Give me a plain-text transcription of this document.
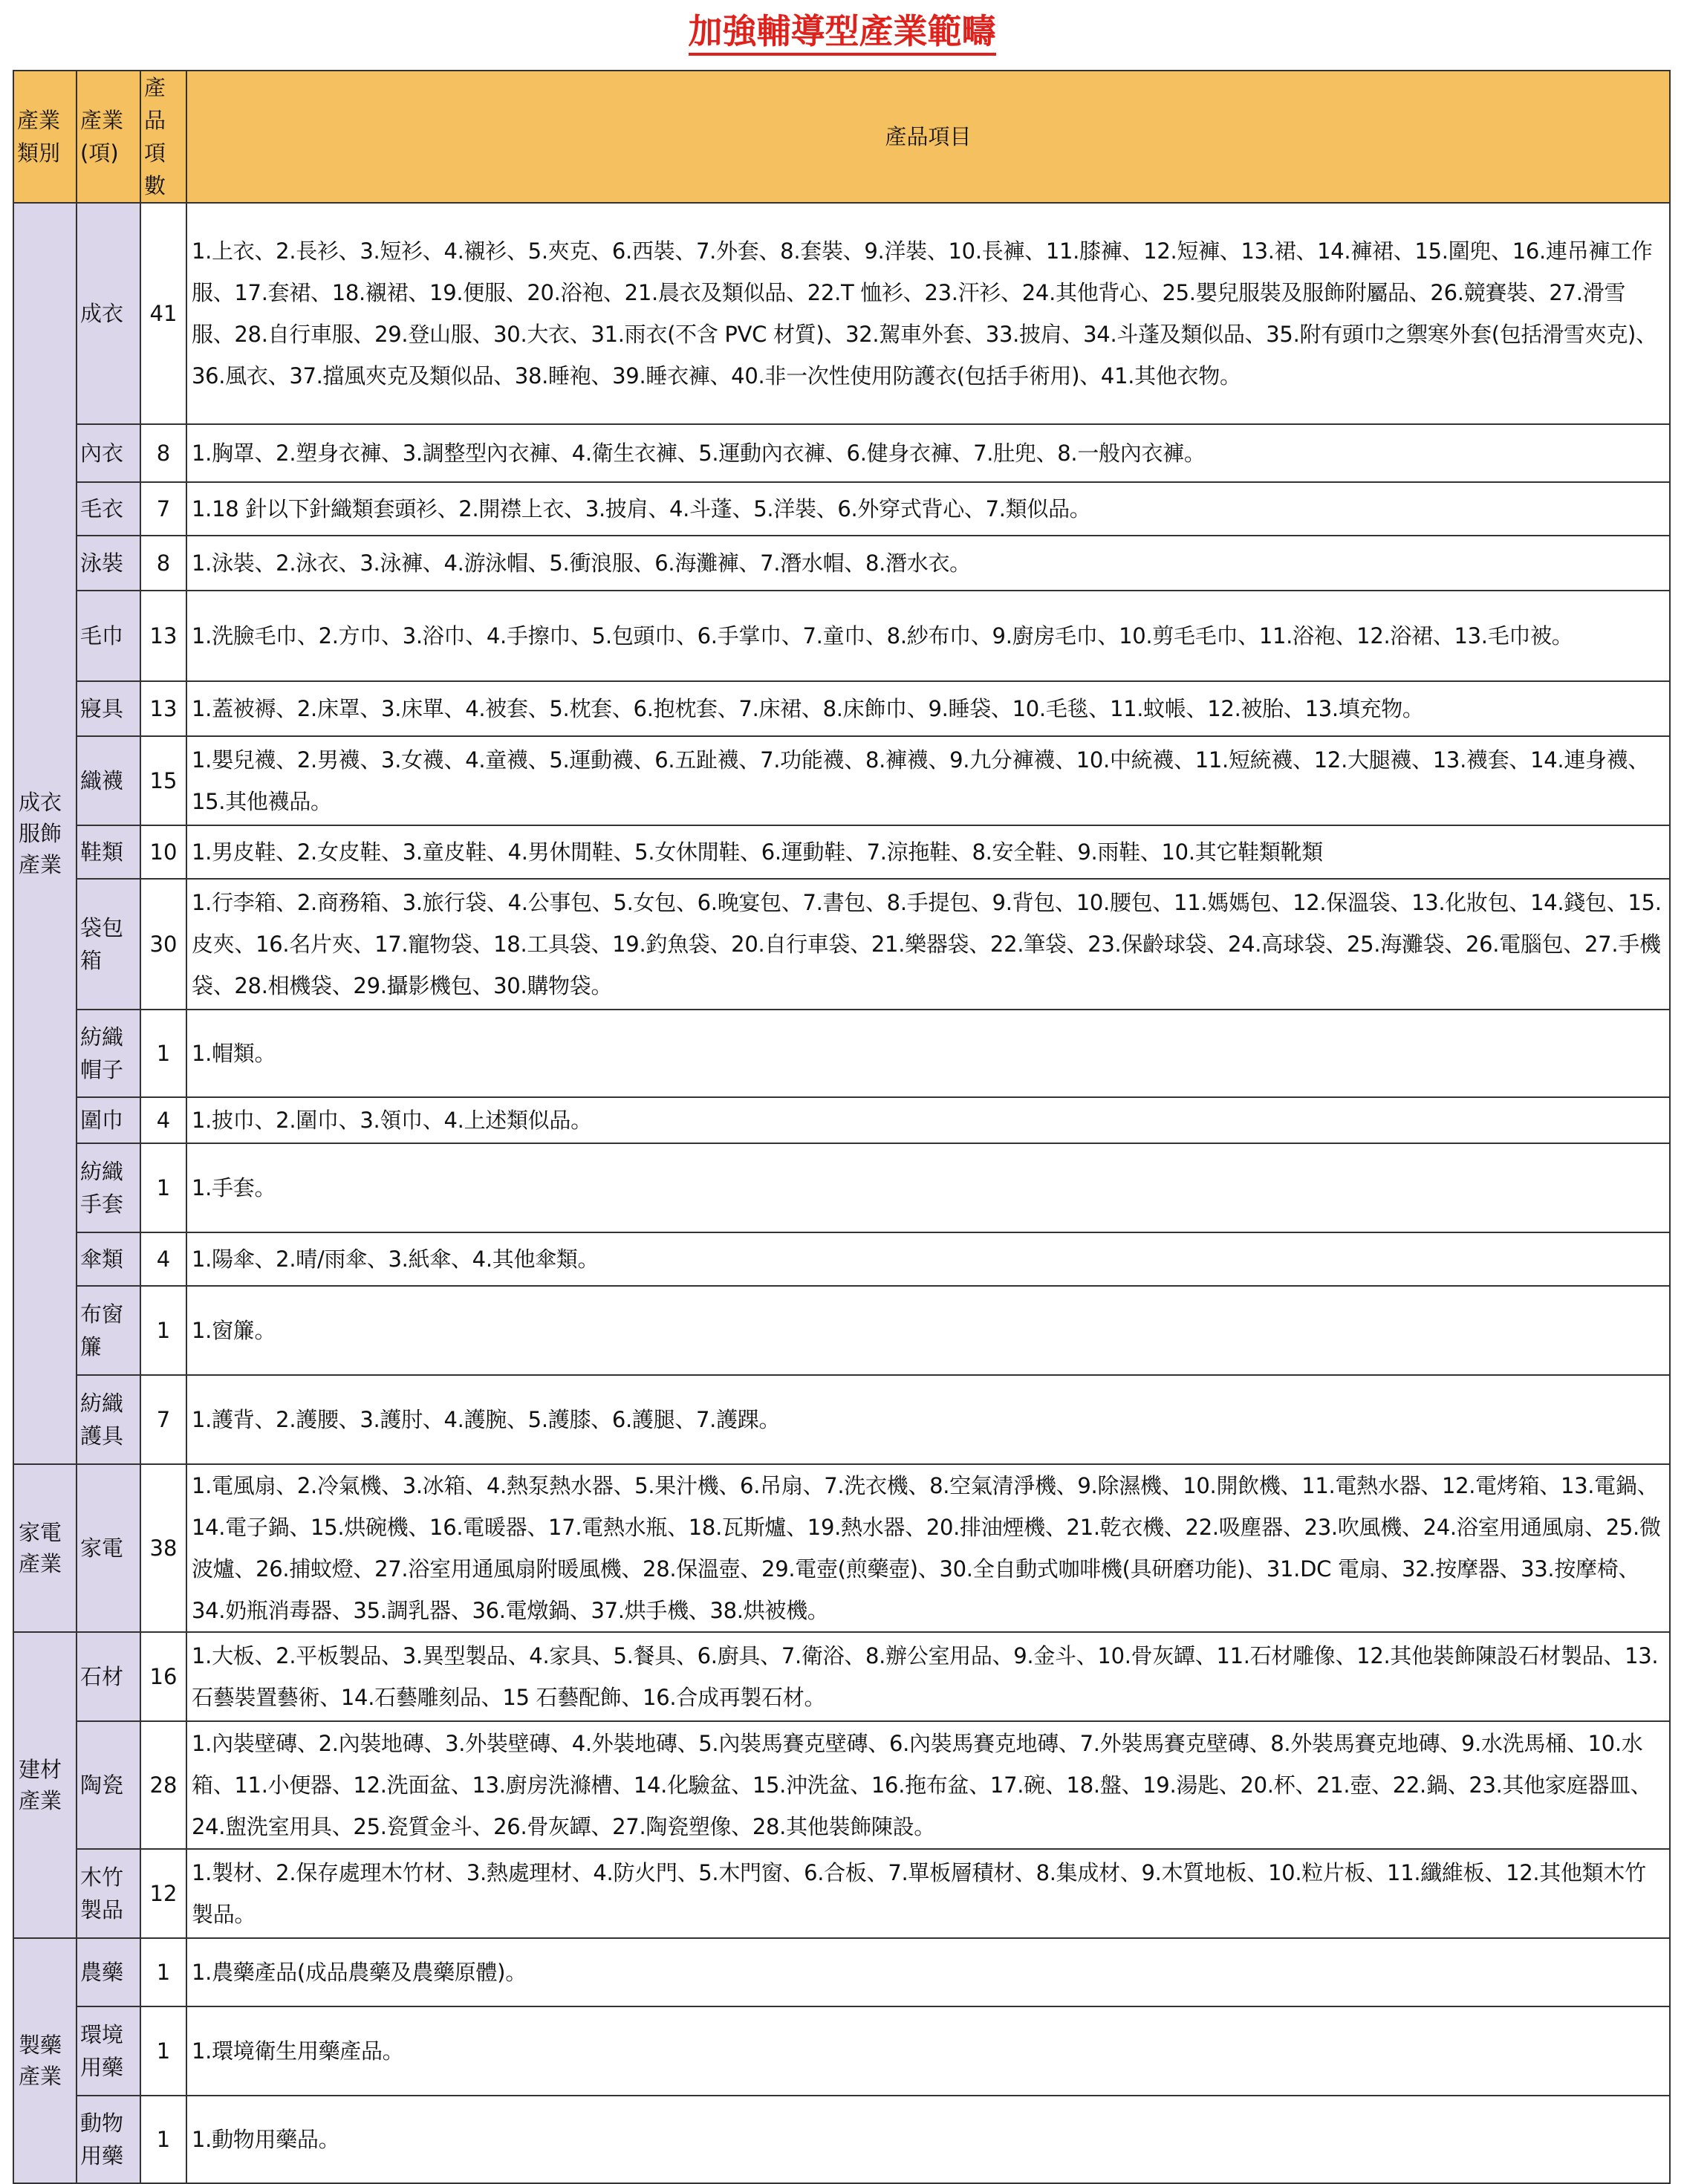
加強輔導型產業範疇
產業類別	產業(項)	產品項數	產品項目
成衣服飾產業	成衣	41	1.上衣、2.長衫、3.短衫、4.襯衫、5.夾克、6.西裝、7.外套、8.套裝、9.洋裝、10.長褲、11.膝褲、12.短褲、13.裙、14.褲裙、15.圍兜、16.連吊褲工作服、17.套裙、18.襯裙、19.便服、20.浴袍、21.晨衣及類似品、22.T 恤衫、23.汗衫、24.其他背心、25.嬰兒服裝及服飾附屬品、26.競賽裝、27.滑雪服、28.自行車服、29.登山服、30.大衣、31.雨衣(不含 PVC 材質)、32.駕車外套、33.披肩、34.斗蓬及類似品、35.附有頭巾之禦寒外套(包括滑雪夾克)、36.風衣、37.擋風夾克及類似品、38.睡袍、39.睡衣褲、40.非一次性使用防護衣(包括手術用)、41.其他衣物。
	內衣	8	1.胸罩、2.塑身衣褲、3.調整型內衣褲、4.衛生衣褲、5.運動內衣褲、6.健身衣褲、7.肚兜、8.一般內衣褲。
	毛衣	7	1.18 針以下針織類套頭衫、2.開襟上衣、3.披肩、4.斗蓬、5.洋裝、6.外穿式背心、7.類似品。
	泳裝	8	1.泳裝、2.泳衣、3.泳褲、4.游泳帽、5.衝浪服、6.海灘褲、7.潛水帽、8.潛水衣。
	毛巾	13	1.洗臉毛巾、2.方巾、3.浴巾、4.手擦巾、5.包頭巾、6.手掌巾、7.童巾、8.紗布巾、9.廚房毛巾、10.剪毛毛巾、11.浴袍、12.浴裙、13.毛巾被。
	寢具	13	1.蓋被褥、2.床罩、3.床單、4.被套、5.枕套、6.抱枕套、7.床裙、8.床飾巾、9.睡袋、10.毛毯、11.蚊帳、12.被胎、13.填充物。
	織襪	15	1.嬰兒襪、2.男襪、3.女襪、4.童襪、5.運動襪、6.五趾襪、7.功能襪、8.褲襪、9.九分褲襪、10.中統襪、11.短統襪、12.大腿襪、13.襪套、14.連身襪、15.其他襪品。
	鞋類	10	1.男皮鞋、2.女皮鞋、3.童皮鞋、4.男休閒鞋、5.女休閒鞋、6.運動鞋、7.涼拖鞋、8.安全鞋、9.雨鞋、10.其它鞋類靴類
	袋包箱	30	1.行李箱、2.商務箱、3.旅行袋、4.公事包、5.女包、6.晚宴包、7.書包、8.手提包、9.背包、10.腰包、11.媽媽包、12.保溫袋、13.化妝包、14.錢包、15.皮夾、16.名片夾、17.寵物袋、18.工具袋、19.釣魚袋、20.自行車袋、21.樂器袋、22.筆袋、23.保齡球袋、24.高球袋、25.海灘袋、26.電腦包、27.手機袋、28.相機袋、29.攝影機包、30.購物袋。
	紡織帽子	1	1.帽類。
	圍巾	4	1.披巾、2.圍巾、3.領巾、4.上述類似品。
	紡織手套	1	1.手套。
	傘類	4	1.陽傘、2.晴/雨傘、3.紙傘、4.其他傘類。
	布窗簾	1	1.窗簾。
	紡織護具	7	1.護背、2.護腰、3.護肘、4.護腕、5.護膝、6.護腿、7.護踝。
家電產業	家電	38	1.電風扇、2.冷氣機、3.冰箱、4.熱泵熱水器、5.果汁機、6.吊扇、7.洗衣機、8.空氣清淨機、9.除濕機、10.開飲機、11.電熱水器、12.電烤箱、13.電鍋、14.電子鍋、15.烘碗機、16.電暖器、17.電熱水瓶、18.瓦斯爐、19.熱水器、20.排油煙機、21.乾衣機、22.吸塵器、23.吹風機、24.浴室用通風扇、25.微波爐、26.捕蚊燈、27.浴室用通風扇附暖風機、28.保溫壺、29.電壺(煎藥壺)、30.全自動式咖啡機(具研磨功能)、31.DC 電扇、32.按摩器、33.按摩椅、34.奶瓶消毒器、35.調乳器、36.電燉鍋、37.烘手機、38.烘被機。
建材產業	石材	16	1.大板、2.平板製品、3.異型製品、4.家具、5.餐具、6.廚具、7.衛浴、8.辦公室用品、9.金斗、10.骨灰罈、11.石材雕像、12.其他裝飾陳設石材製品、13.石藝裝置藝術、14.石藝雕刻品、15 石藝配飾、16.合成再製石材。
	陶瓷	28	1.內裝壁磚、2.內裝地磚、3.外裝壁磚、4.外裝地磚、5.內裝馬賽克壁磚、6.內裝馬賽克地磚、7.外裝馬賽克壁磚、8.外裝馬賽克地磚、9.水洗馬桶、10.水箱、11.小便器、12.洗面盆、13.廚房洗滌槽、14.化驗盆、15.沖洗盆、16.拖布盆、17.碗、18.盤、19.湯匙、20.杯、21.壺、22.鍋、23.其他家庭器皿、24.盥洗室用具、25.瓷質金斗、26.骨灰罈、27.陶瓷塑像、28.其他裝飾陳設。
	木竹製品	12	1.製材、2.保存處理木竹材、3.熱處理材、4.防火門、5.木門窗、6.合板、7.單板層積材、8.集成材、9.木質地板、10.粒片板、11.纖維板、12.其他類木竹製品。
製藥產業	農藥	1	1.農藥產品(成品農藥及農藥原體)。
	環境用藥	1	1.環境衛生用藥產品。
	動物用藥	1	1.動物用藥品。
